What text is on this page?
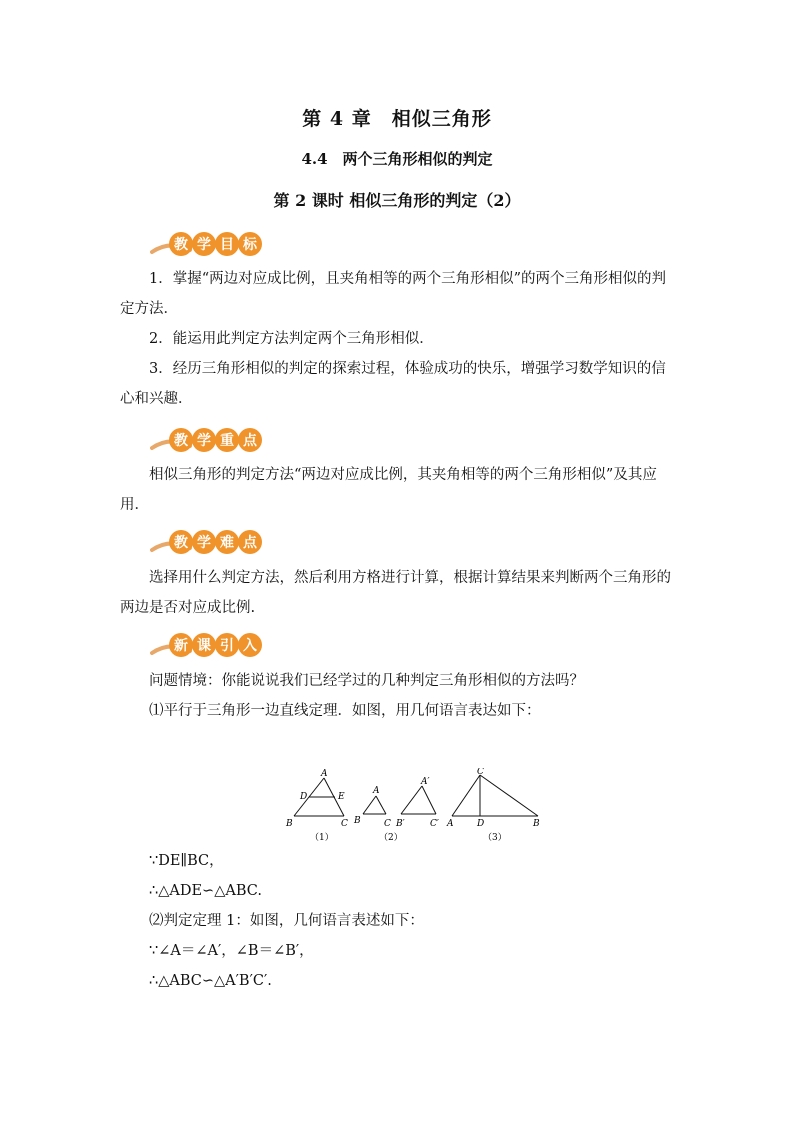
第 4 章　相似三角形
4.4　两个三角形相似的判定
第 2 课时 相似三角形的判定（2）
教 学 目 标

1．掌握“两边对应成比例，且夹角相等的两个三角形相似”的两个三角形相似的判定方法．

2．能运用此判定方法判定两个三角形相似．

3．经历三角形相似的判定的探索过程，体验成功的快乐，增强学习数学知识的信心和兴趣．

教 学 重 点

相似三角形的判定方法“两边对应成比例，其夹角相等的两个三角形相似”及其应用．

教 学 难 点

选择用什么判定方法，然后利用方格进行计算，根据计算结果来判断两个三角形的两边是否对应成比例.

新 课 引 入

问题情境：你能说说我们已经学过的几种判定三角形相似的方法吗？

⑴平行于三角形一边直线定理．如图，用几何语言表达如下：

A
D	E
B	C
（1）
A
B	C
A′
B′	C′
（2）
C
A	D	B
（3）

∵DE∥BC，

∴△ADE∽△ABC.

⑵判定定理 1：如图，几何语言表述如下：

∵∠A＝∠A′，∠B＝∠B′，

∴△ABC∽△A′B′C′.
